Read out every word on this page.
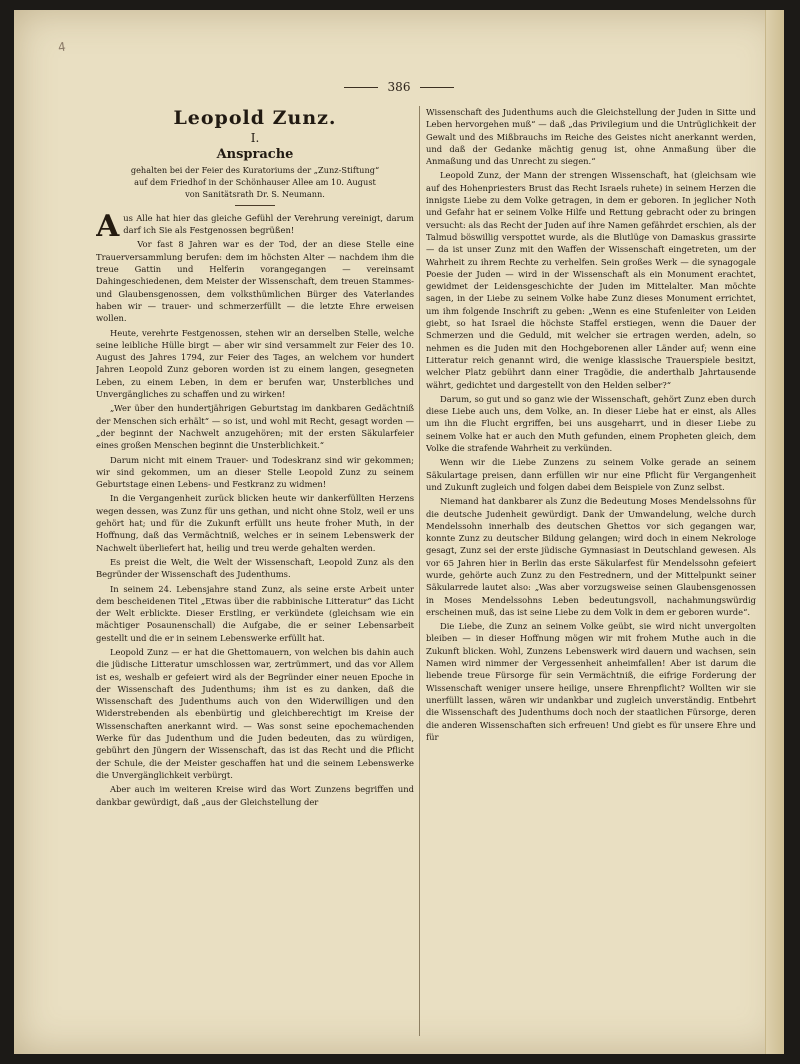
4
386
Leopold Zunz.
I.
Ansprache
gehalten bei der Feier des Kuratoriums der „Zunz-Stiftung“
auf dem Friedhof in der Schönhauser Allee am 10. August
von Sanitätsrath Dr. S. Neumann.

Aus Alle hat hier das gleiche Gefühl der Verehrung vereinigt, darum darf ich Sie als Festgenossen begrüßen!

Vor fast 8 Jahren war es der Tod, der an diese Stelle eine Trauerversammlung berufen: dem im höchsten Alter — nachdem ihm die treue Gattin und Helferin vorangegangen — vereinsamt Dahingeschiedenen, dem Meister der Wissenschaft, dem treuen Stammes- und Glaubensgenossen, dem volksthümlichen Bürger des Vaterlandes haben wir — trauer- und schmerzerfüllt — die letzte Ehre erweisen wollen.

Heute, verehrte Festgenossen, stehen wir an derselben Stelle, welche seine leibliche Hülle birgt — aber wir sind versammelt zur Feier des 10. August des Jahres 1794, zur Feier des Tages, an welchem vor hundert Jahren Leopold Zunz geboren worden ist zu einem langen, gesegneten Leben, zu einem Leben, in dem er berufen war, Unsterbliches und Unvergängliches zu schaffen und zu wirken!

„Wer über den hundertjährigen Geburtstag im dankbaren Gedächtniß der Menschen sich erhält“ — so ist, und wohl mit Recht, gesagt worden — „der beginnt der Nachwelt anzugehören; mit der ersten Säkularfeier eines großen Menschen beginnt die Unsterblichkeit.“

Darum nicht mit einem Trauer- und Todeskranz sind wir gekommen; wir sind gekommen, um an dieser Stelle Leopold Zunz zu seinem Geburtstage einen Lebens- und Festkranz zu widmen!

In die Vergangenheit zurück blicken heute wir dankerfüllten Herzens wegen dessen, was Zunz für uns gethan, und nicht ohne Stolz, weil er uns gehört hat; und für die Zukunft erfüllt uns heute froher Muth, in der Hoffnung, daß das Vermächtniß, welches er in seinem Lebenswerk der Nachwelt überliefert hat, heilig und treu werde gehalten werden.

Es preist die Welt, die Welt der Wissenschaft, Leopold Zunz als den Begründer der Wissenschaft des Judenthums.

In seinem 24. Lebensjahre stand Zunz, als seine erste Arbeit unter dem bescheidenen Titel „Etwas über die rabbinische Litteratur“ das Licht der Welt erblickte. Dieser Erstling, er verkündete (gleichsam wie ein mächtiger Posaunenschall) die Aufgabe, die er seiner Lebensarbeit gestellt und die er in seinem Lebenswerke erfüllt hat.

Leopold Zunz — er hat die Ghettomauern, von welchen bis dahin auch die jüdische Litteratur umschlossen war, zertrümmert, und das vor Allem ist es, weshalb er gefeiert wird als der Begründer einer neuen Epoche in der Wissenschaft des Judenthums; ihm ist es zu danken, daß die Wissenschaft des Judenthums auch von den Widerwilligen und den Widerstrebenden als ebenbürtig und gleichberechtigt im Kreise der Wissenschaften anerkannt wird. — Was sonst seine epochemachenden Werke für das Judenthum und die Juden bedeuten, das zu würdigen, gebührt den Jüngern der Wissenschaft, das ist das Recht und die Pflicht der Schule, die der Meister geschaffen hat und die seinem Lebenswerke die Unvergänglichkeit verbürgt.

Aber auch im weiteren Kreise wird das Wort Zunzens begriffen und dankbar gewürdigt, daß „aus der Gleichstellung der

Wissenschaft des Judenthums auch die Gleichstellung der Juden in Sitte und Leben hervorgehen muß“ — daß „das Privilegium und die Untrüglichkeit der Gewalt und des Mißbrauchs im Reiche des Geistes nicht anerkannt werden, und daß der Gedanke mächtig genug ist, ohne Anmaßung über die Anmaßung und das Unrecht zu siegen.“

Leopold Zunz, der Mann der strengen Wissenschaft, hat (gleichsam wie auf des Hohenpriesters Brust das Recht Israels ruhete) in seinem Herzen die innigste Liebe zu dem Volke getragen, in dem er geboren. In jeglicher Noth und Gefahr hat er seinem Volke Hilfe und Rettung gebracht oder zu bringen versucht: als das Recht der Juden auf ihre Namen gefährdet erschien, als der Talmud böswillig verspottet wurde, als die Blutlüge von Damaskus grassirte — da ist unser Zunz mit den Waffen der Wissenschaft eingetreten, um der Wahrheit zu ihrem Rechte zu verhelfen. Sein großes Werk — die synagogale Poesie der Juden — wird in der Wissenschaft als ein Monument erachtet, gewidmet der Leidensgeschichte der Juden im Mittelalter. Man möchte sagen, in der Liebe zu seinem Volke habe Zunz dieses Monument errichtet, um ihm folgende Inschrift zu geben: „Wenn es eine Stufenleiter von Leiden giebt, so hat Israel die höchste Staffel erstiegen, wenn die Dauer der Schmerzen und die Geduld, mit welcher sie ertragen werden, adeln, so nehmen es die Juden mit den Hochgeborenen aller Länder auf; wenn eine Litteratur reich genannt wird, die wenige klassische Trauerspiele besitzt, welcher Platz gebührt dann einer Tragödie, die anderthalb Jahrtausende währt, gedichtet und dargestellt von den Helden selber?“

Darum, so gut und so ganz wie der Wissenschaft, gehört Zunz eben durch diese Liebe auch uns, dem Volke, an. In dieser Liebe hat er einst, als Alles um ihn die Flucht ergriffen, bei uns ausgeharrt, und in dieser Liebe zu seinem Volke hat er auch den Muth gefunden, einem Propheten gleich, dem Volke die strafende Wahrheit zu verkünden.

Wenn wir die Liebe Zunzens zu seinem Volke gerade an seinem Säkulartage preisen, dann erfüllen wir nur eine Pflicht für Vergangenheit und Zukunft zugleich und folgen dabei dem Beispiele von Zunz selbst.

Niemand hat dankbarer als Zunz die Bedeutung Moses Mendelssohns für die deutsche Judenheit gewürdigt. Dank der Umwandelung, welche durch Mendelssohn innerhalb des deutschen Ghettos vor sich gegangen war, konnte Zunz zu deutscher Bildung gelangen; wird doch in einem Nekrologe gesagt, Zunz sei der erste jüdische Gymnasiast in Deutschland gewesen. Als vor 65 Jahren hier in Berlin das erste Säkularfest für Mendelssohn gefeiert wurde, gehörte auch Zunz zu den Festrednern, und der Mittelpunkt seiner Säkularrede lautet also: „Was aber vorzugsweise seinen Glaubensgenossen in Moses Mendelssohns Leben bedeutungsvoll, nachahmungswürdig erscheinen muß, das ist seine Liebe zu dem Volk in dem er geboren wurde“.

Die Liebe, die Zunz an seinem Volke geübt, sie wird nicht unvergolten bleiben — in dieser Hoffnung mögen wir mit frohem Muthe auch in die Zukunft blicken. Wohl, Zunzens Lebenswerk wird dauern und wachsen, sein Namen wird nimmer der Vergessenheit anheimfallen! Aber ist darum die liebende treue Fürsorge für sein Vermächtniß, die eifrige Forderung der Wissenschaft weniger unsere heilige, unsere Ehrenpflicht? Wollten wir sie unerfüllt lassen, wären wir undankbar und zugleich unverständig. Entbehrt die Wissenschaft des Judenthums doch noch der staatlichen Fürsorge, deren die anderen Wissenschaften sich erfreuen! Und giebt es für unsere Ehre und für
